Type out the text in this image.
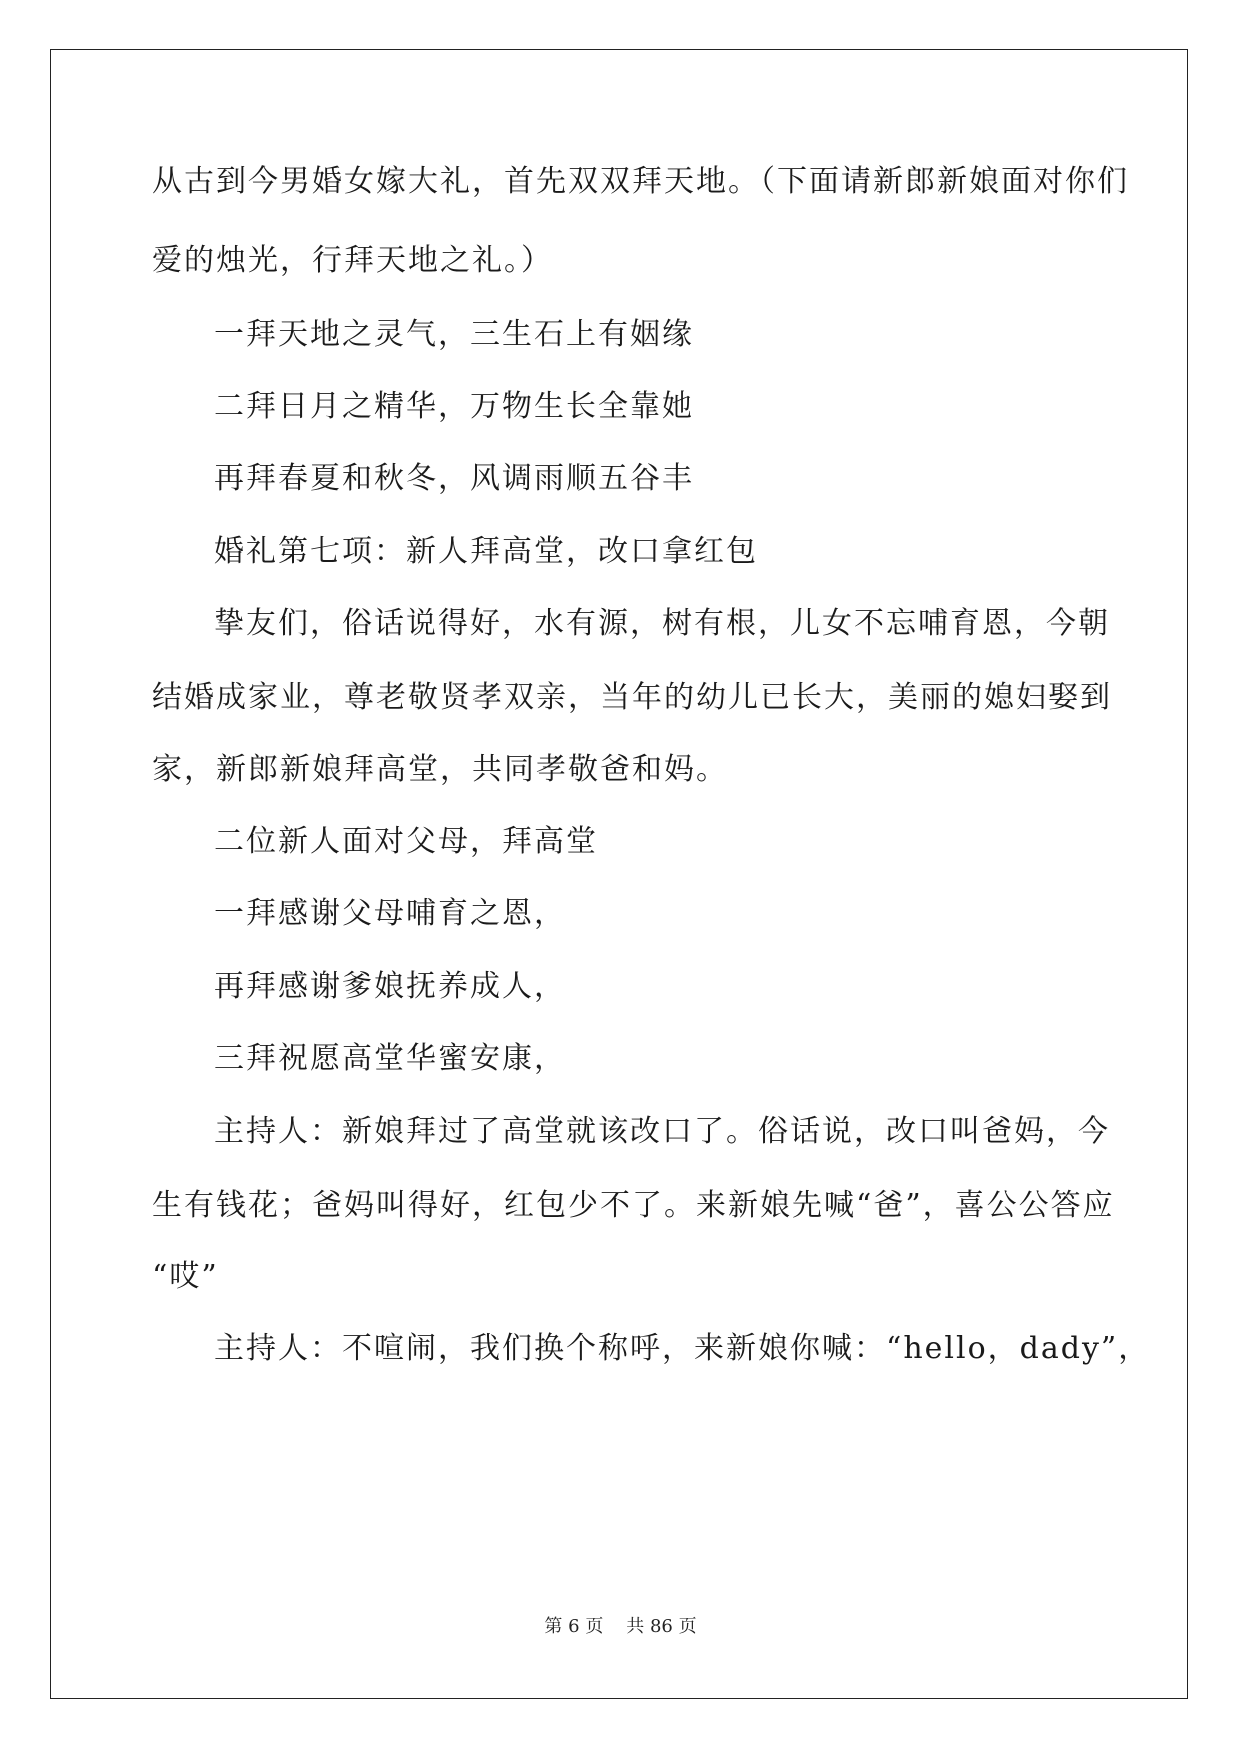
从古到今男婚女嫁大礼，首先双双拜天地。（下面请新郎新娘面对你们
爱的烛光，行拜天地之礼。）
一拜天地之灵气，三生石上有姻缘
二拜日月之精华，万物生长全靠她
再拜春夏和秋冬，风调雨顺五谷丰
婚礼第七项：新人拜高堂，改口拿红包
挚友们，俗话说得好，水有源，树有根，儿女不忘哺育恩，今朝
结婚成家业，尊老敬贤孝双亲，当年的幼儿已长大，美丽的媳妇娶到
家，新郎新娘拜高堂，共同孝敬爸和妈。
二位新人面对父母，拜高堂
一拜感谢父母哺育之恩，
再拜感谢爹娘抚养成人，
三拜祝愿高堂华蜜安康，
主持人：新娘拜过了高堂就该改口了。俗话说，改口叫爸妈，今
生有钱花；爸妈叫得好，红包少不了。来新娘先喊“爸”，喜公公答应
“哎”
主持人：不喧闹，我们换个称呼，来新娘你喊：“hello，dady”，
第 6 页 共 86 页
